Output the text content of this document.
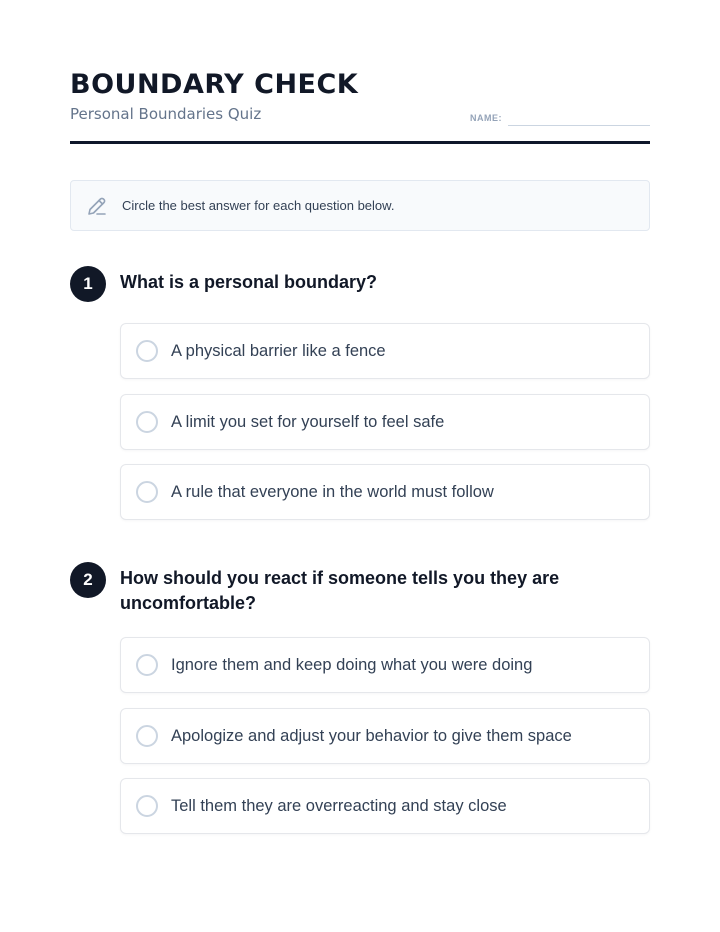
BOUNDARY CHECK
Personal Boundaries Quiz	NAME:
Circle the best answer for each question below.
1	What is a personal boundary?
A physical barrier like a fence
A limit you set for yourself to feel safe
A rule that everyone in the world must follow
2	How should you react if someone tells you they are uncomfortable?
Ignore them and keep doing what you were doing
Apologize and adjust your behavior to give them space
Tell them they are overreacting and stay close
